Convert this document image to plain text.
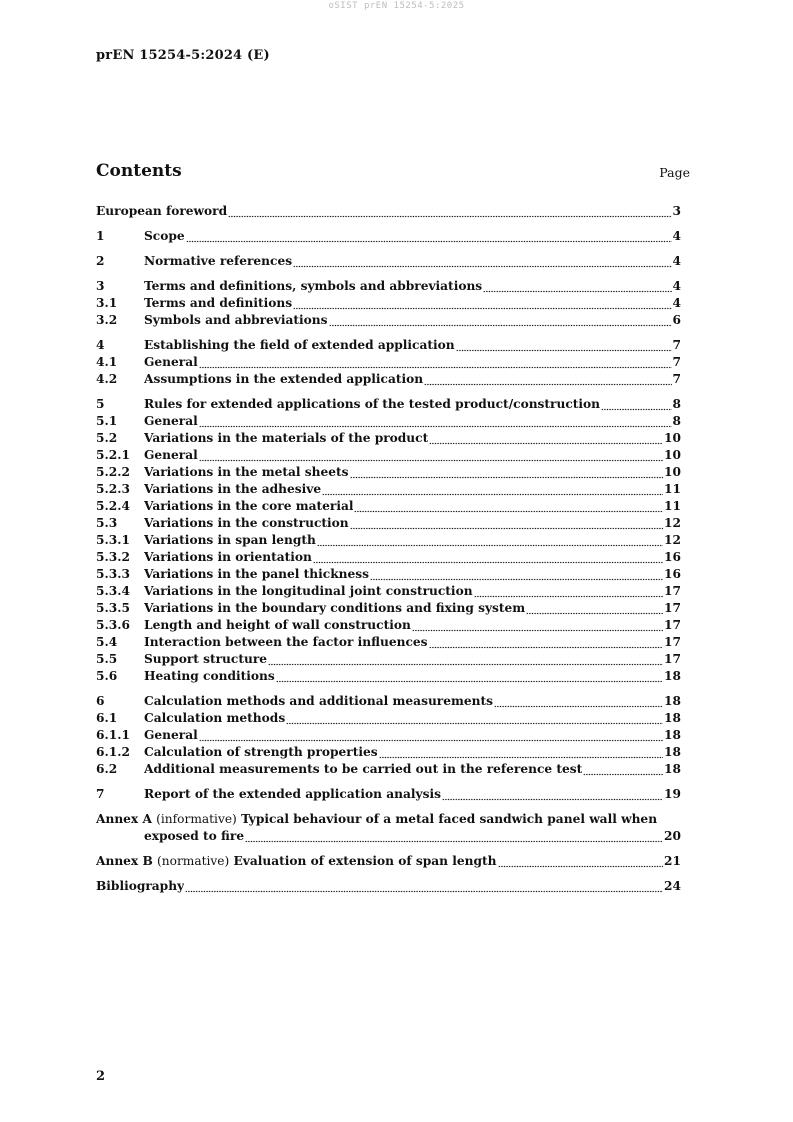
oSIST prEN 15254-5:2025
prEN 15254-5:2024 (E)
Contents	Page
European foreword	3
1	Scope	4
2	Normative references	4
3	Terms and definitions, symbols and abbreviations	4
3.1	Terms and definitions	4
3.2	Symbols and abbreviations	6
4	Establishing the field of extended application	7
4.1	General	7
4.2	Assumptions in the extended application	7
5	Rules for extended applications of the tested product/construction	8
5.1	General	8
5.2	Variations in the materials of the product	10
5.2.1	General	10
5.2.2	Variations in the metal sheets	10
5.2.3	Variations in the adhesive	11
5.2.4	Variations in the core material	11
5.3	Variations in the construction	12
5.3.1	Variations in span length	12
5.3.2	Variations in orientation	16
5.3.3	Variations in the panel thickness	16
5.3.4	Variations in the longitudinal joint construction	17
5.3.5	Variations in the boundary conditions and fixing system	17
5.3.6	Length and height of wall construction	17
5.4	Interaction between the factor influences	17
5.5	Support structure	17
5.6	Heating conditions	18
6	Calculation methods and additional measurements	18
6.1	Calculation methods	18
6.1.1	General	18
6.1.2	Calculation of strength properties	18
6.2	Additional measurements to be carried out in the reference test	18
7	Report of the extended application analysis	19
Annex A (informative) Typical behaviour of a metal faced sandwich panel wall when
exposed to fire	20
Annex B (normative) Evaluation of extension of span length	21
Bibliography	24
2
